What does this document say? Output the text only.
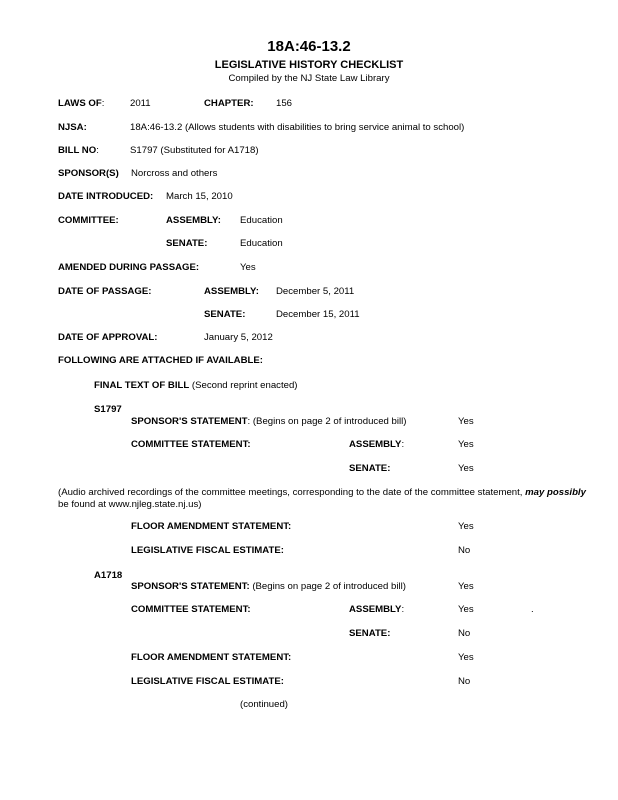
18A:46-13.2
LEGISLATIVE HISTORY CHECKLIST
Compiled by the NJ State Law Library
LAWS OF:	2011	CHAPTER: 156
NJSA:	18A:46-13.2 (Allows students with disabilities to bring service animal to school)
BILL NO:	S1797 (Substituted for A1718)
SPONSOR(S) Norcross and others
DATE INTRODUCED: March 15, 2010
COMMITTEE:	ASSEMBLY: Education
SENATE:	Education
AMENDED DURING PASSAGE:	Yes
DATE OF PASSAGE:	ASSEMBLY: December 5, 2011
SENATE:	December 15, 2011
DATE OF APPROVAL:	January 5, 2012
FOLLOWING ARE ATTACHED IF AVAILABLE:
FINAL TEXT OF BILL (Second reprint enacted)
S1797
SPONSOR'S STATEMENT: (Begins on page 2 of introduced bill)	Yes
COMMITTEE STATEMENT:	ASSEMBLY:	Yes
SENATE:	Yes
(Audio archived recordings of the committee meetings, corresponding to the date of the committee statement, may possibly
be found at www.njleg.state.nj.us)
FLOOR AMENDMENT STATEMENT:	Yes
LEGISLATIVE FISCAL ESTIMATE:	No
A1718
SPONSOR'S STATEMENT: (Begins on page 2 of introduced bill)	Yes
COMMITTEE STATEMENT:	ASSEMBLY:	Yes	.
SENATE:	No
FLOOR AMENDMENT STATEMENT:	Yes
LEGISLATIVE FISCAL ESTIMATE:	No
(continued)
